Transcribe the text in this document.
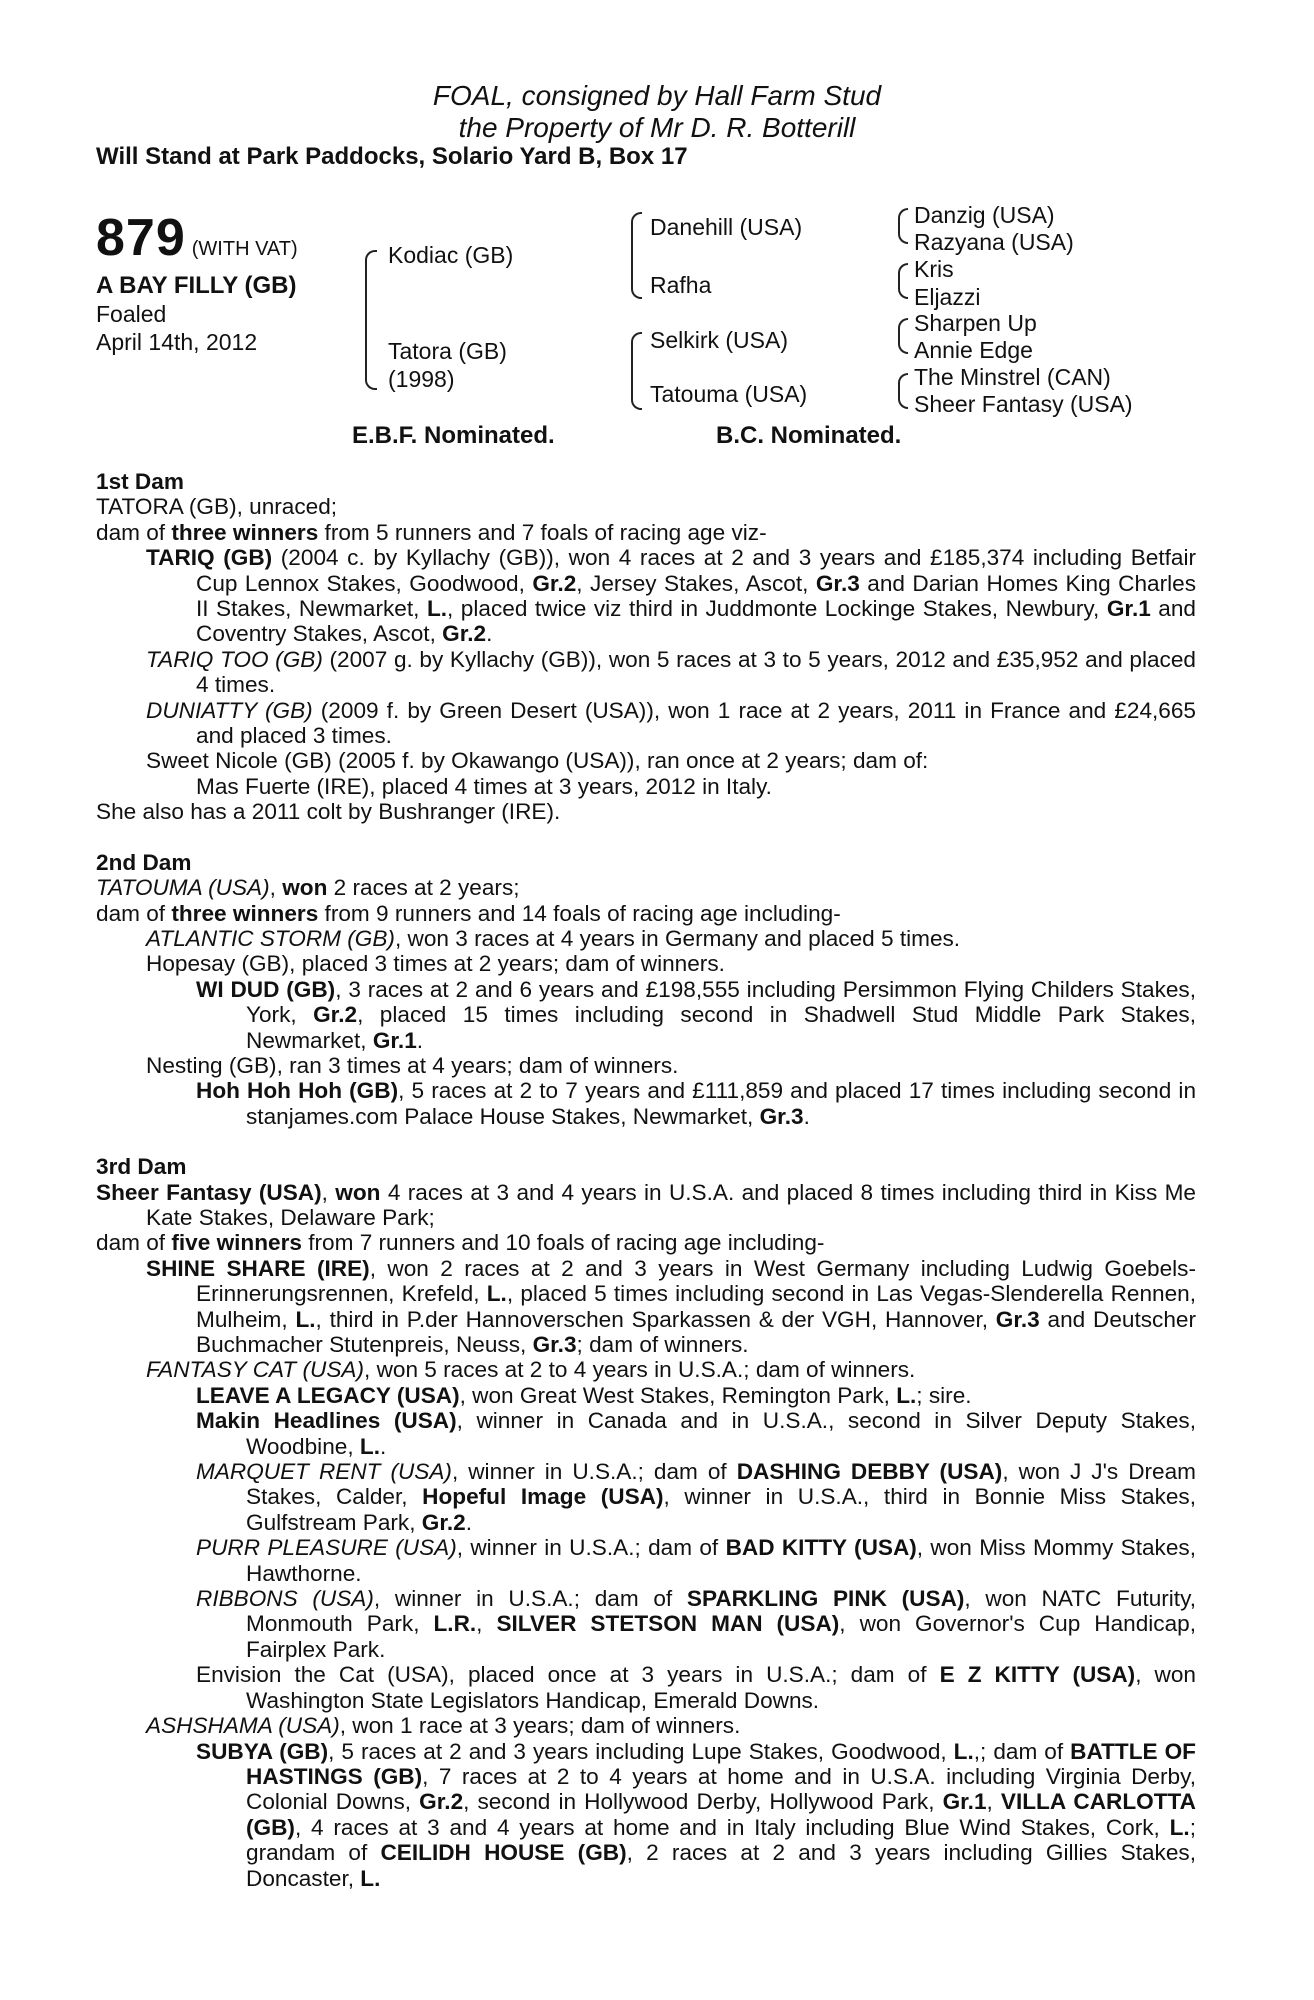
FOAL, consigned by Hall Farm Stud
the Property of Mr D. R. Botterill
Will Stand at Park Paddocks, Solario Yard B, Box 17
879 (WITH VAT)
A BAY FILLY (GB)
Foaled
April 14th, 2012
Kodiac (GB)
Tatora (GB)
(1998)
Danehill (USA)
Rafha
Selkirk (USA)
Tatouma (USA)
Danzig (USA)
Razyana (USA)
Kris
Eljazzi
Sharpen Up
Annie Edge
The Minstrel (CAN)
Sheer Fantasy (USA)
E.B.F. Nominated.	B.C. Nominated.

1st Dam

TATORA (GB), unraced;

dam of three winners from 5 runners and 7 foals of racing age viz-

TARIQ (GB) (2004 c. by Kyllachy (GB)), won 4 races at 2 and 3 years and £185,374 including Betfair Cup Lennox Stakes, Goodwood, Gr.2, Jersey Stakes, Ascot, Gr.3 and Darian Homes King Charles II Stakes, Newmarket, L., placed twice viz third in Juddmonte Lockinge Stakes, Newbury, Gr.1 and Coventry Stakes, Ascot, Gr.2.

TARIQ TOO (GB) (2007 g. by Kyllachy (GB)), won 5 races at 3 to 5 years, 2012 and £35,952 and placed 4 times.

DUNIATTY (GB) (2009 f. by Green Desert (USA)), won 1 race at 2 years, 2011 in France and £24,665 and placed 3 times.

Sweet Nicole (GB) (2005 f. by Okawango (USA)), ran once at 2 years; dam of:

Mas Fuerte (IRE), placed 4 times at 3 years, 2012 in Italy.

She also has a 2011 colt by Bushranger (IRE).

2nd Dam

TATOUMA (USA), won 2 races at 2 years;

dam of three winners from 9 runners and 14 foals of racing age including-

ATLANTIC STORM (GB), won 3 races at 4 years in Germany and placed 5 times.

Hopesay (GB), placed 3 times at 2 years; dam of winners.

WI DUD (GB), 3 races at 2 and 6 years and £198,555 including Persimmon Flying Childers Stakes, York, Gr.2, placed 15 times including second in Shadwell Stud Middle Park Stakes, Newmarket, Gr.1.

Nesting (GB), ran 3 times at 4 years; dam of winners.

Hoh Hoh Hoh (GB), 5 races at 2 to 7 years and £111,859 and placed 17 times including second in stanjames.com Palace House Stakes, Newmarket, Gr.3.

3rd Dam

Sheer Fantasy (USA), won 4 races at 3 and 4 years in U.S.A. and placed 8 times including third in Kiss Me Kate Stakes, Delaware Park;

dam of five winners from 7 runners and 10 foals of racing age including-

SHINE SHARE (IRE), won 2 races at 2 and 3 years in West Germany including Ludwig Goebels-Erinnerungsrennen, Krefeld, L., placed 5 times including second in Las Vegas-Slenderella Rennen, Mulheim, L., third in P.der Hannoverschen Sparkassen & der VGH, Hannover, Gr.3 and Deutscher Buchmacher Stutenpreis, Neuss, Gr.3; dam of winners.

FANTASY CAT (USA), won 5 races at 2 to 4 years in U.S.A.; dam of winners.

LEAVE A LEGACY (USA), won Great West Stakes, Remington Park, L.; sire.

Makin Headlines (USA), winner in Canada and in U.S.A., second in Silver Deputy Stakes, Woodbine, L..

MARQUET RENT (USA), winner in U.S.A.; dam of DASHING DEBBY (USA), won J J's Dream Stakes, Calder, Hopeful Image (USA), winner in U.S.A., third in Bonnie Miss Stakes, Gulfstream Park, Gr.2.

PURR PLEASURE (USA), winner in U.S.A.; dam of BAD KITTY (USA), won Miss Mommy Stakes, Hawthorne.

RIBBONS (USA), winner in U.S.A.; dam of SPARKLING PINK (USA), won NATC Futurity, Monmouth Park, L.R., SILVER STETSON MAN (USA), won Governor's Cup Handicap, Fairplex Park.

Envision the Cat (USA), placed once at 3 years in U.S.A.; dam of E Z KITTY (USA), won Washington State Legislators Handicap, Emerald Downs.

ASHSHAMA (USA), won 1 race at 3 years; dam of winners.

SUBYA (GB), 5 races at 2 and 3 years including Lupe Stakes, Goodwood, L.,; dam of BATTLE OF HASTINGS (GB), 7 races at 2 to 4 years at home and in U.S.A. including Virginia Derby, Colonial Downs, Gr.2, second in Hollywood Derby, Hollywood Park, Gr.1, VILLA CARLOTTA (GB), 4 races at 3 and 4 years at home and in Italy including Blue Wind Stakes, Cork, L.; grandam of CEILIDH HOUSE (GB), 2 races at 2 and 3 years including Gillies Stakes, Doncaster, L.
